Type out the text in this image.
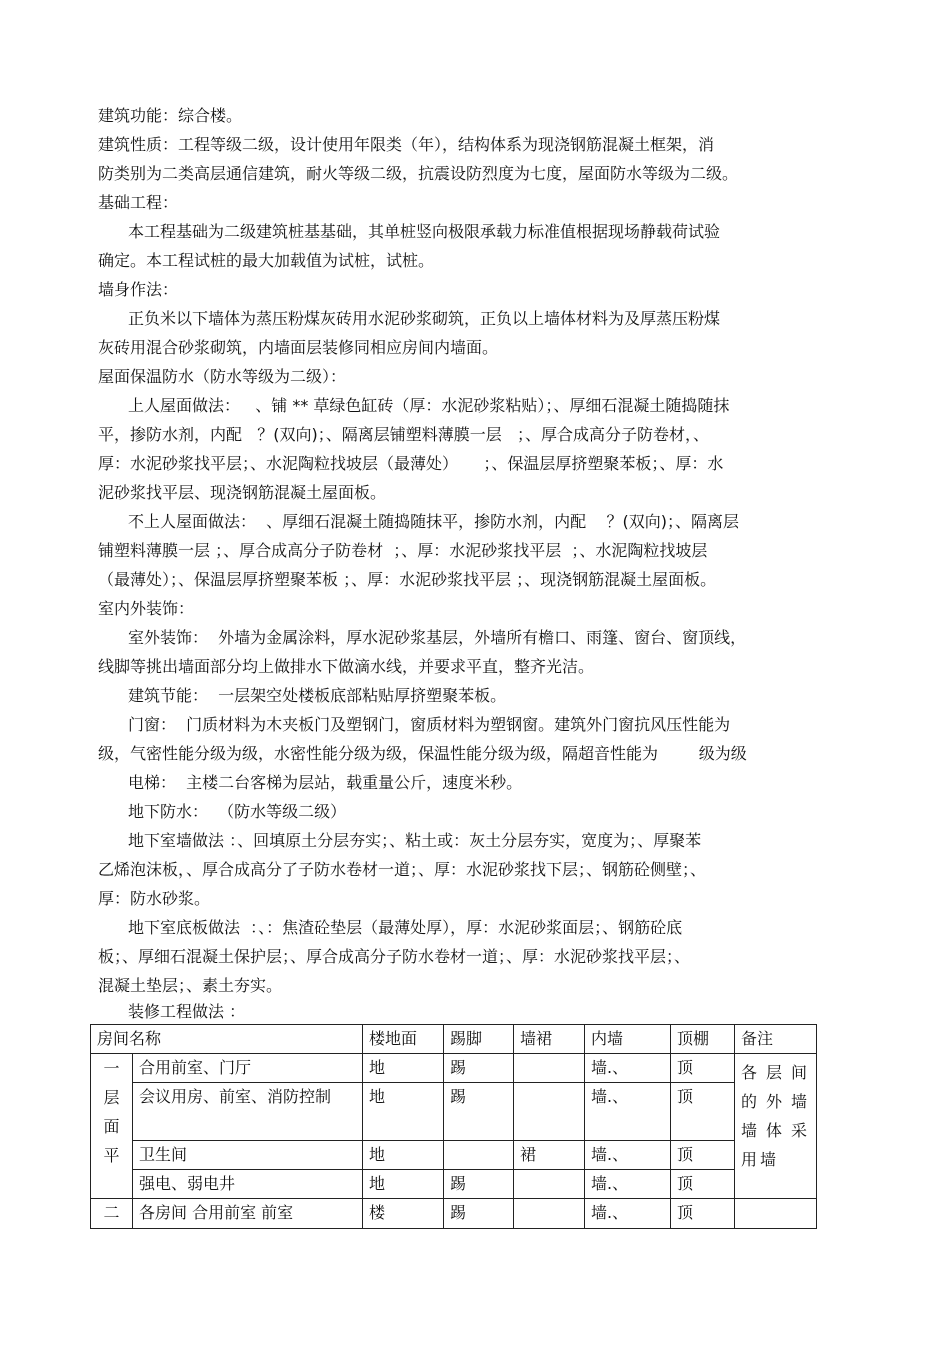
建筑功能：综合楼。
建筑性质：工程等级二级，设计使用年限类（年），结构体系为现浇钢筋混凝土框架，消
防类别为二类高层通信建筑，耐火等级二级，抗震设防烈度为七度，屋面防水等级为二级。
基础工程：
本工程基础为二级建筑桩基基础，其单桩竖向极限承载力标准值根据现场静载荷试验
确定。本工程试桩的最大加载值为试桩，试桩。
墙身作法：
正负米以下墙体为蒸压粉煤灰砖用水泥砂浆砌筑，正负以上墙体材料为及厚蒸压粉煤
灰砖用混合砂浆砌筑，内墙面层装修同相应房间内墙面。
屋面保温防水（防水等级为二级）：
上人屋面做法：   、铺 ** 草绿色缸砖（厚：水泥砂浆粘贴）；、厚细石混凝土随捣随抹
平，掺防水剂，内配   ？(双向)；、隔离层铺塑料薄膜一层   ；、厚合成高分子防卷材，、
厚：水泥砂浆找平层；、水泥陶粒找坡层（最薄处）     ；、保温层厚挤塑聚苯板；、厚：水
泥砂浆找平层、现浇钢筋混凝土屋面板。
不上人屋面做法：  、厚细石混凝土随捣随抹平，掺防水剂，内配    ？(双向)；、隔离层
铺塑料薄膜一层 ；、厚合成高分子防卷材  ；、厚：水泥砂浆找平层  ；、水泥陶粒找坡层
（最薄处）；、保温层厚挤塑聚苯板 ；、厚：水泥砂浆找平层 ；、现浇钢筋混凝土屋面板。
室内外装饰：
室外装饰：  外墙为金属涂料，厚水泥砂浆基层，外墙所有檐口、雨篷、窗台、窗顶线，
线脚等挑出墙面部分均上做排水下做滴水线，并要求平直，整齐光洁。
建筑节能：  一层架空处楼板底部粘贴厚挤塑聚苯板。
门窗：  门质材料为木夹板门及塑钢门，窗质材料为塑钢窗。建筑外门窗抗风压性能为
级，气密性能分级为级，水密性能分级为级，保温性能分级为级，隔超音性能为        级为级
电梯：  主楼二台客梯为层站，载重量公斤，速度米秒。
地下防水：  （防水等级二级）
地下室墙做法 ：、回填原土分层夯实；、粘土或：灰土分层夯实，宽度为；、厚聚苯
乙烯泡沫板，、厚合成高分了子防水卷材一道；、厚：水泥砂浆找下层；、钢筋砼侧壁；、
厚：防水砂浆。
地下室底板做法  ：、：焦渣砼垫层（最薄处厚），厚：水泥砂浆面层；、钢筋砼底
板；、厚细石混凝土保护层；、厚合成高分子防水卷材一道；、厚：水泥砂浆找平层；、
混凝土垫层；、素土夯实。
装修工程做法 ：
房间名称		楼地面	踢脚	墙裙	内墙	顶棚	备注

一
层
面
平	合用前室、门厅	地	踢		墙.、	顶	各层间的外墙墙体采用墙
	会议用房、前室、消防控制	地	踢		墙.、	顶	
	卫生间	地		裙	墙.、	顶	
	强电、弱电井	地	踢		墙.、	顶	
二	各房间 合用前室 前室	楼	踢		墙.、	顶	
